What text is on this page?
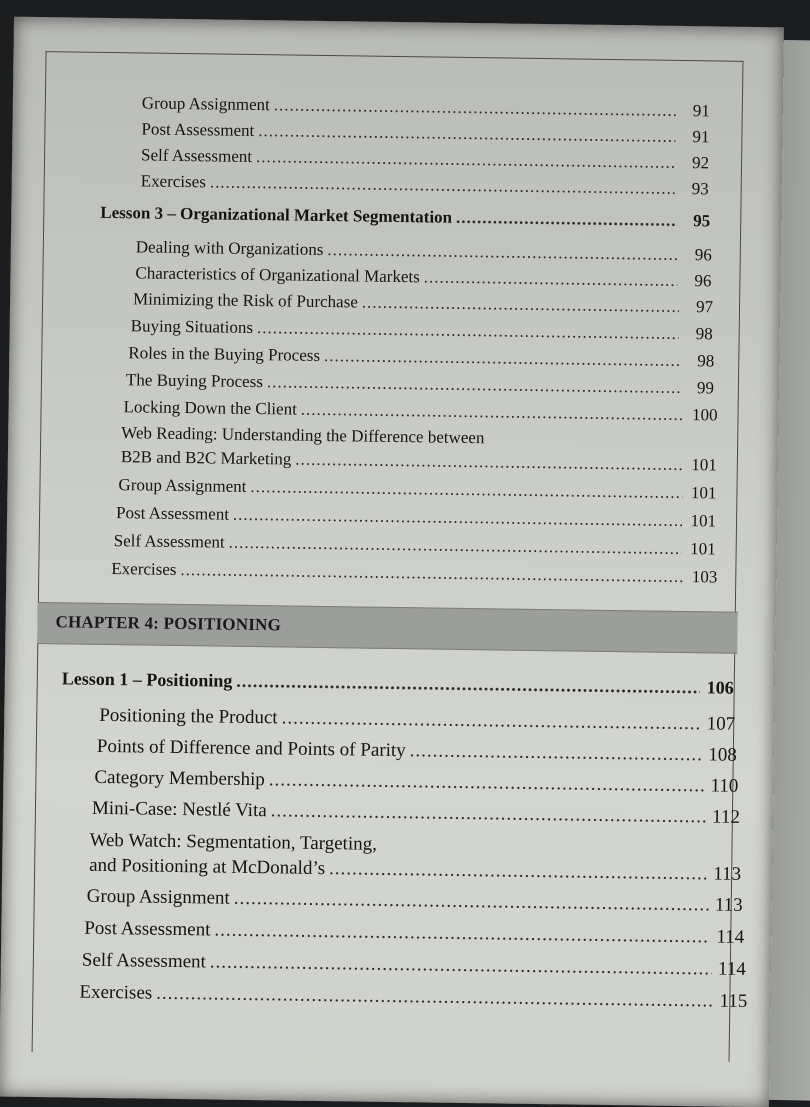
Group Assignment .....	91
Post Assessment .....	91
Self Assessment .....	92
Exercises .....	93
Lesson 3 – Organizational Market Segmentation .....	95
Dealing with Organizations .....	96
Characteristics of Organizational Markets .....	96
Minimizing the Risk of Purchase .....	97
Buying Situations .....	98
Roles in the Buying Process .....	98
The Buying Process .....	99
Locking Down the Client .....	100
Web Reading: Understanding the Difference between
B2B and B2C Marketing .....	101
Group Assignment .....	101
Post Assessment .....	101
Self Assessment .....	101
Exercises .....	103
CHAPTER 4: POSITIONING
Lesson 1 – Positioning .....	106
Positioning the Product .....	107
Points of Difference and Points of Parity .....	108
Category Membership .....	110
Mini-Case: Nestlé Vita .....	112
Web Watch: Segmentation, Targeting,
and Positioning at McDonald’s .....	113
Group Assignment .....	113
Post Assessment .....	114
Self Assessment .....	114
Exercises .....	115
